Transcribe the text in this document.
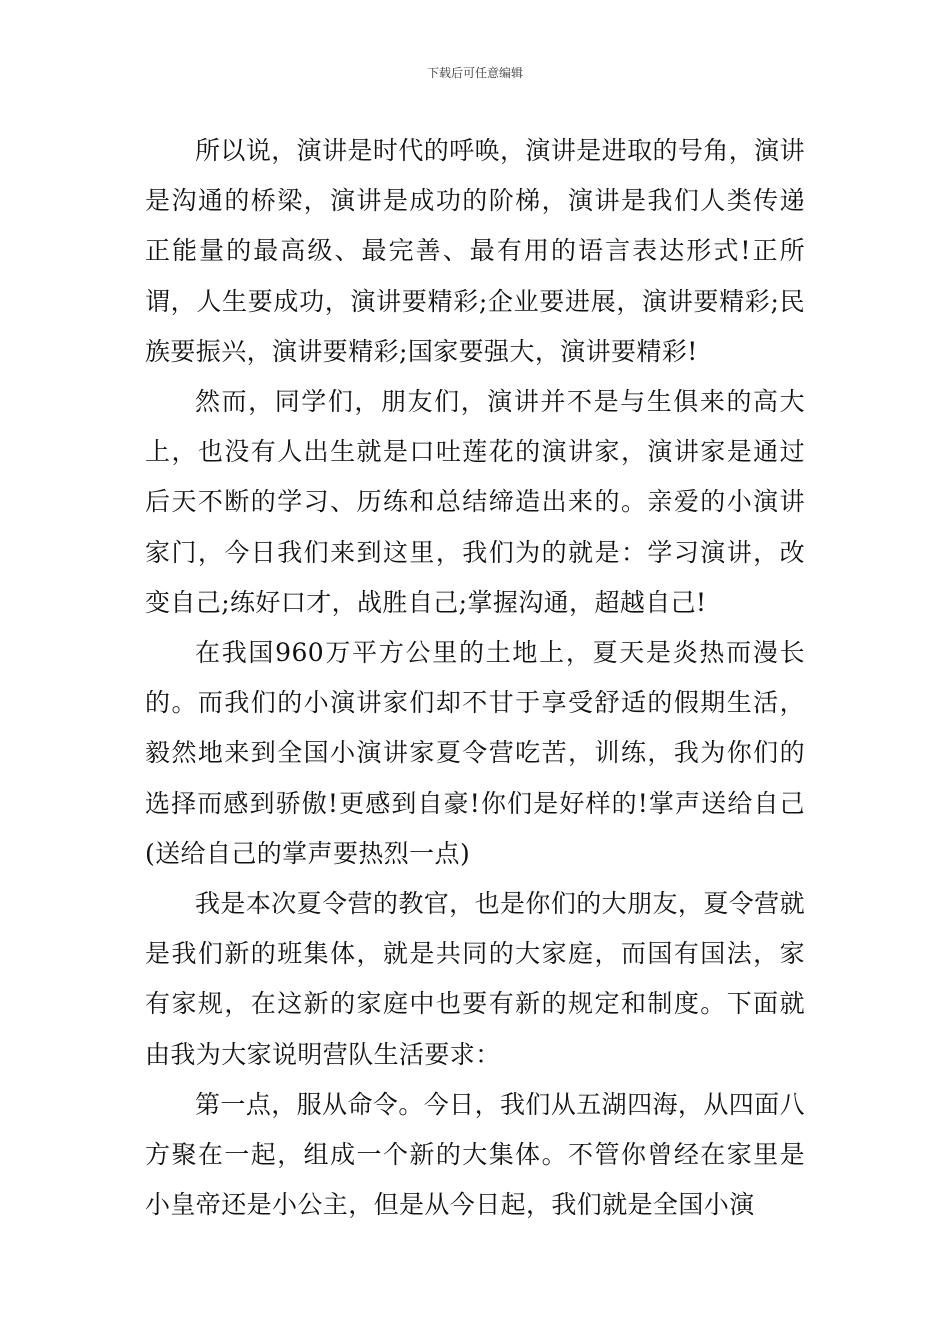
下载后可任意编辑

所以说，演讲是时代的呼唤，演讲是进取的号角，演讲是沟通的桥梁，演讲是成功的阶梯，演讲是我们人类传递正能量的最高级、最完善、最有用的语言表达形式!正所谓，人生要成功，演讲要精彩;企业要进展，演讲要精彩;民族要振兴，演讲要精彩;国家要强大，演讲要精彩!

然而，同学们，朋友们，演讲并不是与生俱来的高大上，也没有人出生就是口吐莲花的演讲家，演讲家是通过后天不断的学习、历练和总结缔造出来的。亲爱的小演讲家门，今日我们来到这里，我们为的就是：学习演讲，改变自己;练好口才，战胜自己;掌握沟通，超越自己!

在我国960万平方公里的土地上，夏天是炎热而漫长的。而我们的小演讲家们却不甘于享受舒适的假期生活，毅然地来到全国小演讲家夏令营吃苦，训练，我为你们的选择而感到骄傲!更感到自豪!你们是好样的!掌声送给自己(送给自己的掌声要热烈一点)

我是本次夏令营的教官，也是你们的大朋友，夏令营就是我们新的班集体，就是共同的大家庭，而国有国法，家有家规，在这新的家庭中也要有新的规定和制度。下面就由我为大家说明营队生活要求：

第一点，服从命令。今日，我们从五湖四海，从四面八方聚在一起，组成一个新的大集体。不管你曾经在家里是小皇帝还是小公主，但是从今日起，我们就是全国小演
